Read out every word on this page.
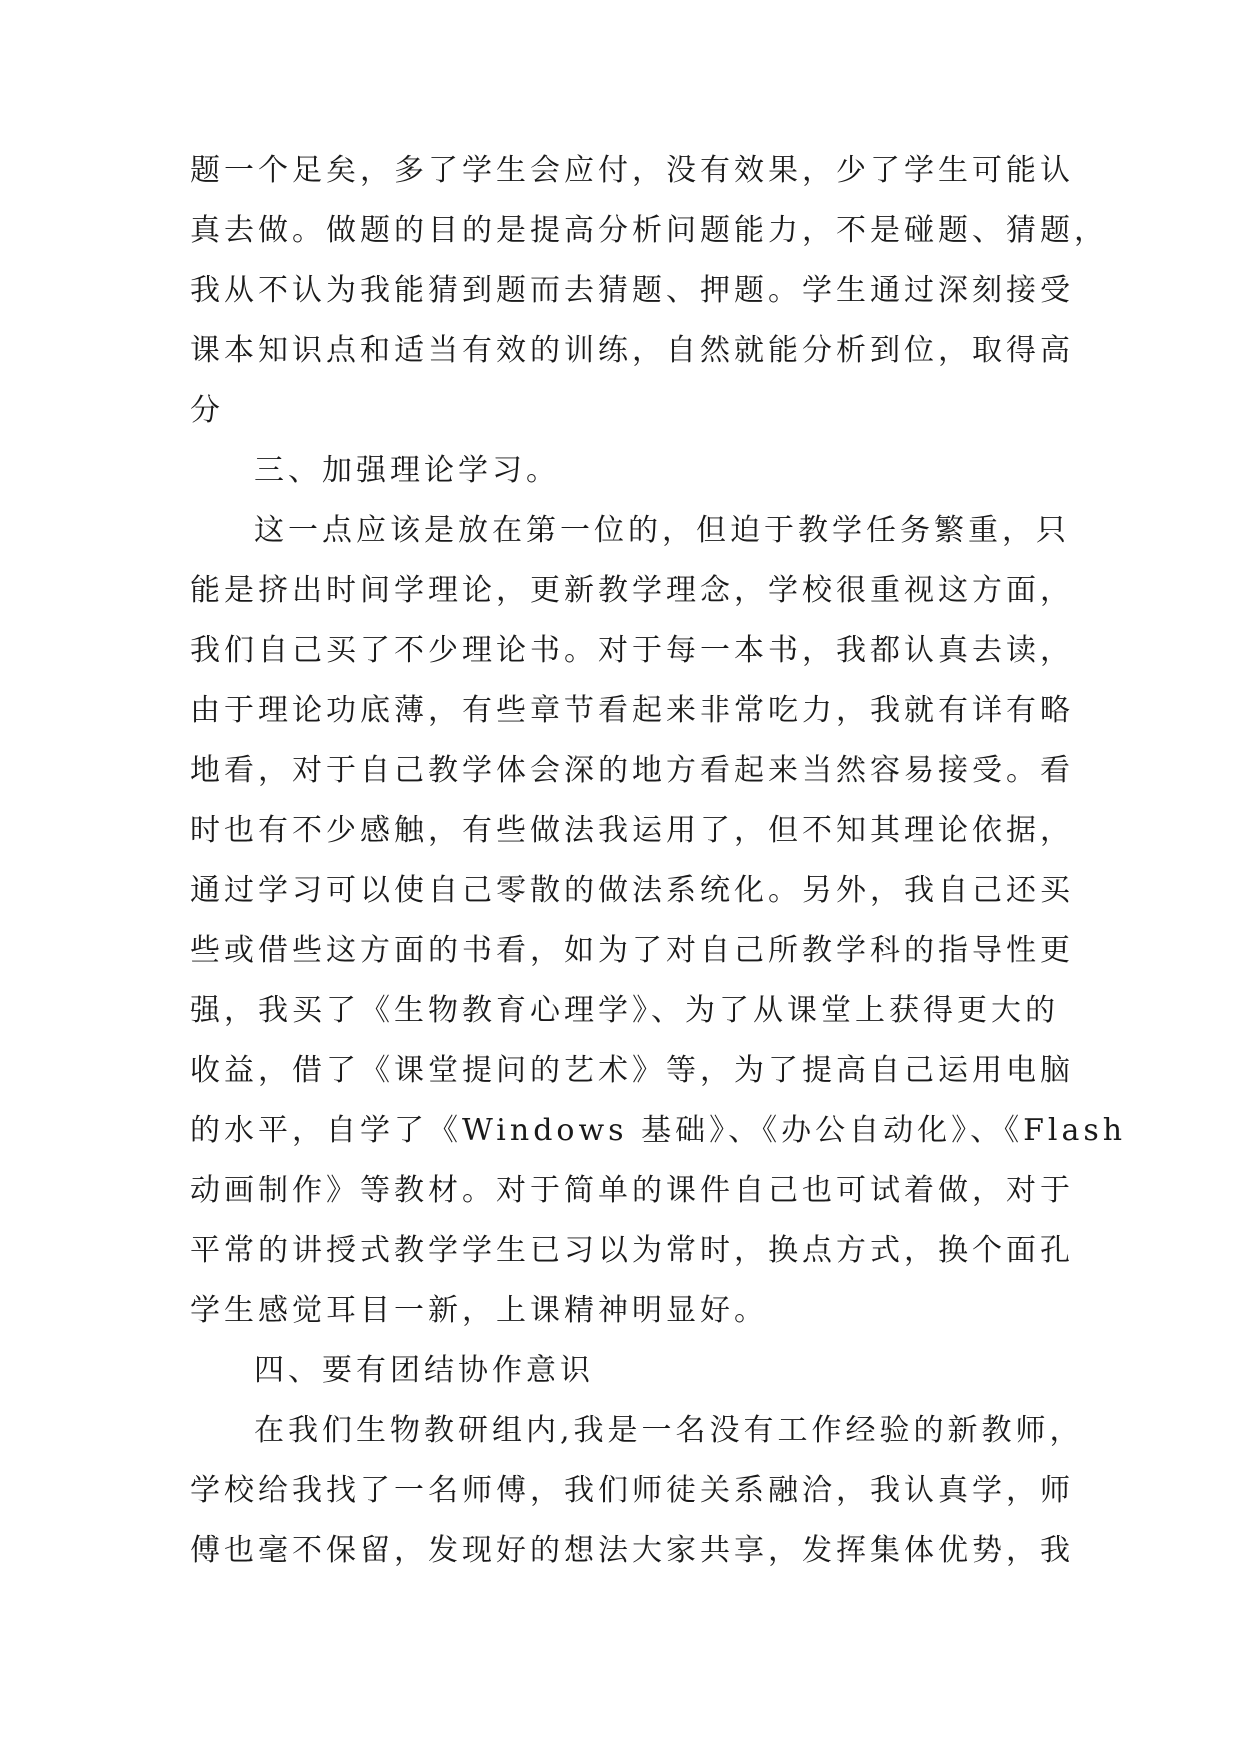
题一个足矣，多了学生会应付，没有效果，少了学生可能认
真去做。做题的目的是提高分析问题能力，不是碰题、猜题，
我从不认为我能猜到题而去猜题、押题。学生通过深刻接受
课本知识点和适当有效的训练，自然就能分析到位，取得高
分
三、加强理论学习。
这一点应该是放在第一位的，但迫于教学任务繁重，只
能是挤出时间学理论，更新教学理念，学校很重视这方面，
我们自己买了不少理论书。对于每一本书，我都认真去读，
由于理论功底薄，有些章节看起来非常吃力，我就有详有略
地看，对于自己教学体会深的地方看起来当然容易接受。看
时也有不少感触，有些做法我运用了，但不知其理论依据，
通过学习可以使自己零散的做法系统化。另外，我自己还买
些或借些这方面的书看，如为了对自己所教学科的指导性更
强，我买了《生物教育心理学》、为了从课堂上获得更大的
收益，借了《课堂提问的艺术》等，为了提高自己运用电脑
的水平，自学了《Windows 基础》、《办公自动化》、《Flash
动画制作》等教材。对于简单的课件自己也可试着做，对于
平常的讲授式教学学生已习以为常时，换点方式，换个面孔
学生感觉耳目一新，上课精神明显好。
四、要有团结协作意识
在我们生物教研组内,我是一名没有工作经验的新教师，
学校给我找了一名师傅，我们师徒关系融洽，我认真学，师
傅也毫不保留，发现好的想法大家共享，发挥集体优势，我
